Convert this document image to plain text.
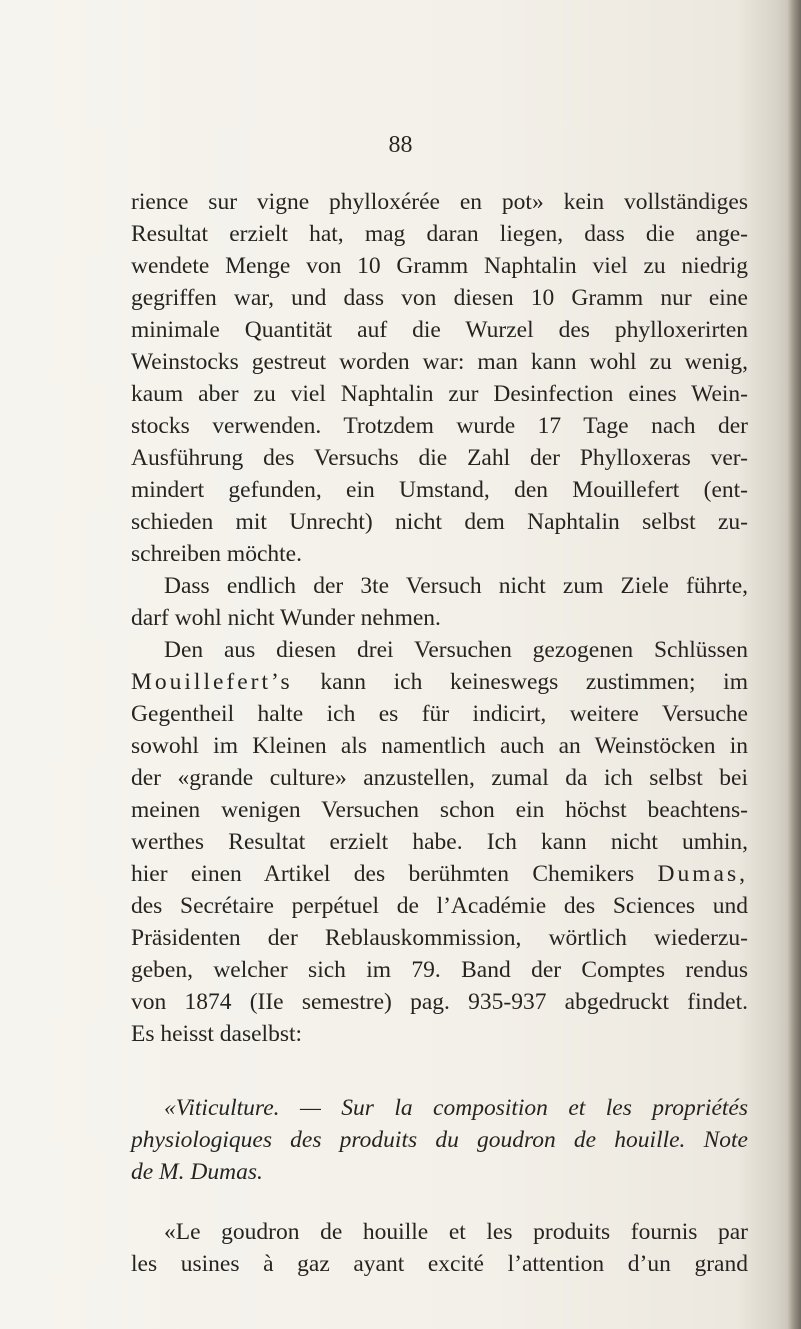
88

rience sur vigne phylloxérée en pot» kein vollständiges
Resultat erzielt hat, mag daran liegen, dass die ange-
wendete Menge von 10 Gramm Naphtalin viel zu niedrig
gegriffen war, und dass von diesen 10 Gramm nur eine
minimale Quantität auf die Wurzel des phylloxerirten
Weinstocks gestreut worden war: man kann wohl zu wenig,
kaum aber zu viel Naphtalin zur Desinfection eines Wein-
stocks verwenden. Trotzdem wurde 17 Tage nach der
Ausführung des Versuchs die Zahl der Phylloxeras ver-
mindert gefunden, ein Umstand, den Mouillefert (ent-
schieden mit Unrecht) nicht dem Naphtalin selbst zu-
schreiben möchte.

Dass endlich der 3te Versuch nicht zum Ziele führte,
darf wohl nicht Wunder nehmen.

Den aus diesen drei Versuchen gezogenen Schlüssen
Mouillefert’s kann ich keineswegs zustimmen; im
Gegentheil halte ich es für indicirt, weitere Versuche
sowohl im Kleinen als namentlich auch an Weinstöcken in
der «grande culture» anzustellen, zumal da ich selbst bei
meinen wenigen Versuchen schon ein höchst beachtens-
werthes Resultat erzielt habe. Ich kann nicht umhin,
hier einen Artikel des berühmten Chemikers Dumas,
des Secrétaire perpétuel de l’Académie des Sciences und
Präsidenten der Reblauskommission, wörtlich wiederzu-
geben, welcher sich im 79. Band der Comptes rendus
von 1874 (IIe semestre) pag. 935-937 abgedruckt findet.
Es heisst daselbst:

«Viticulture. — Sur la composition et les propriétés
physiologiques des produits du goudron de houille. Note
de M. Dumas.

«Le goudron de houille et les produits fournis par
les usines à gaz ayant excité l’attention d’un grand
